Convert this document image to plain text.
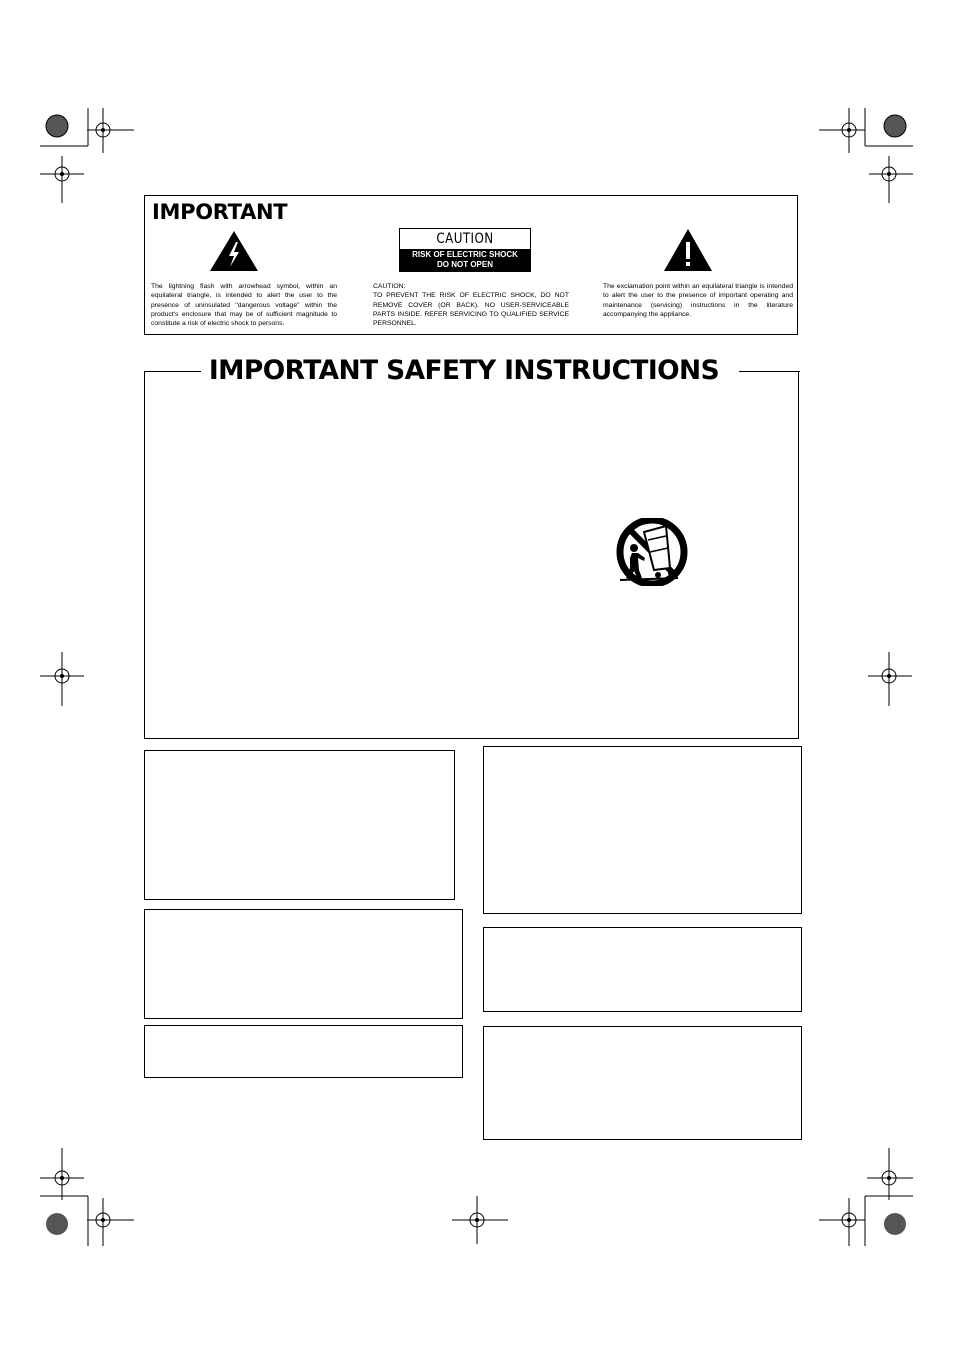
IMPORTANT
CAUTION
RISK OF ELECTRIC SHOCK
DO NOT OPEN
The lightning flash with arrowhead symbol, within an equilateral triangle, is intended to alert the user to the presence of uninsulated "dangerous voltage" within the product's enclosure that may be of sufficient magnitude to constitute a risk of electric shock to persons.
CAUTION:
TO PREVENT THE RISK OF ELECTRIC SHOCK, DO NOT REMOVE COVER (OR BACK). NO USER-SERVICEABLE PARTS INSIDE. REFER SERVICING TO QUALIFIED SERVICE PERSONNEL.
The exclamation point within an equilateral triangle is intended to alert the user to the presence of important operating and maintenance (servicing) instructions in the literature accompanying the appliance.
IMPORTANT SAFETY INSTRUCTIONS
